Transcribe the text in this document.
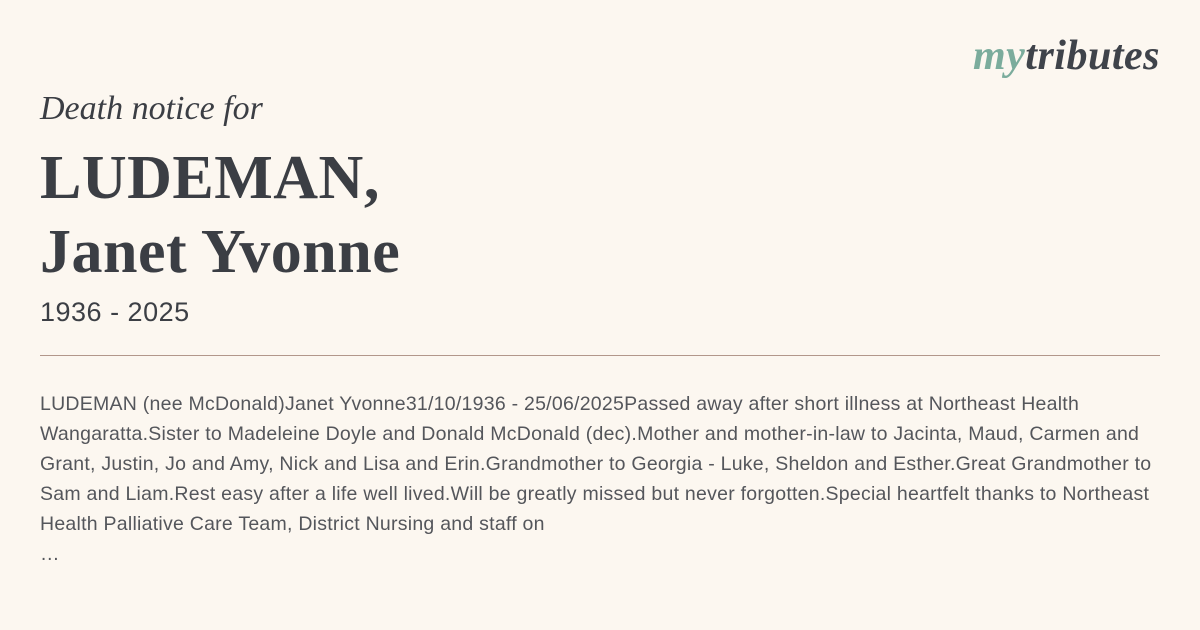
mytributes
Death notice for
LUDEMAN,
Janet Yvonne
1936 - 2025

LUDEMAN (nee McDonald)Janet Yvonne31/10/1936 - 25/06/2025Passed away after short illness at Northeast Health Wangaratta.Sister to Madeleine Doyle and Donald McDonald (dec).Mother and mother-in-law to Jacinta, Maud, Carmen and Grant, Justin, Jo and Amy, Nick and Lisa and Erin.Grandmother to Georgia - Luke, Sheldon and Esther.Great Grandmother to Sam and Liam.Rest easy after a life well lived.Will be greatly missed but never forgotten.Special heartfelt thanks to Northeast Health Palliative Care Team, District Nursing and staff on

…
